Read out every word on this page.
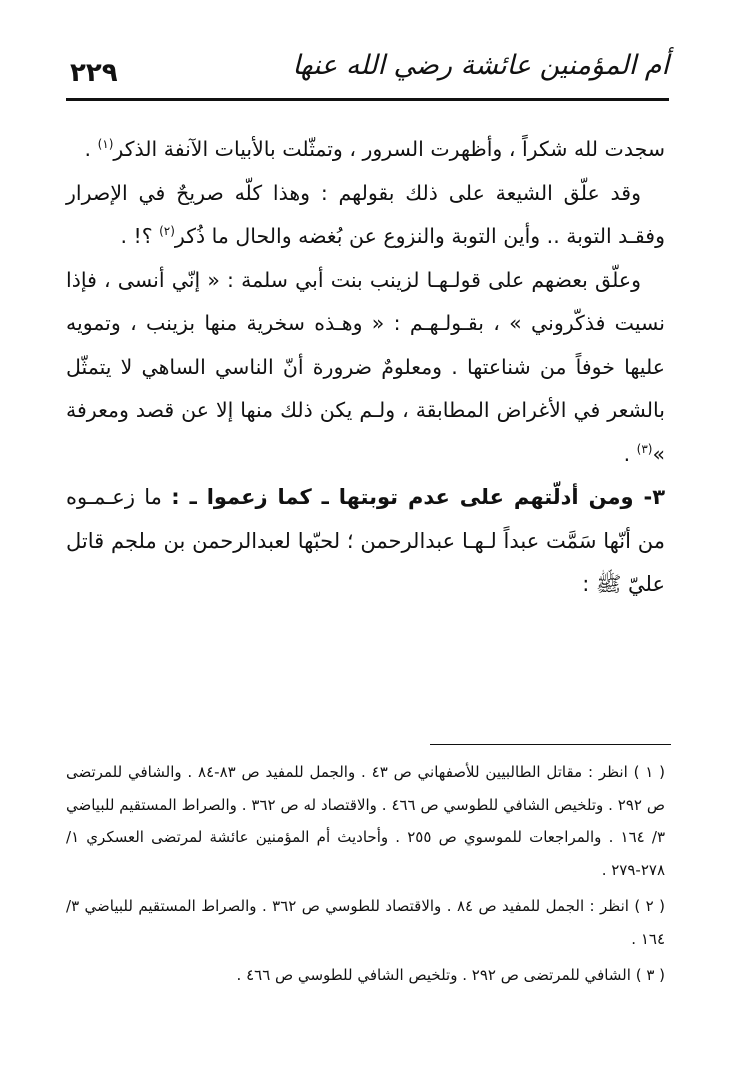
أم المؤمنين عائشة رضي الله عنها
٢٢٩

سجدت لله شكراً ، وأظهرت السرور ، وتمثّلت بالأبيات الآنفة الذكر$^{(١)}$ .

وقد علّق الشيعة على ذلك بقولهم : وهذا كلّه صريحٌ في الإصرار وفقـد التوبة .. وأين التوبة والنزوع عن بُغضه والحال ما ذُكر$^{(٢)}$ ؟! .

وعلّق بعضهم على قولـهـا لزينب بنت أبي سلمة : « إنّي أنسى ، فإذا نسيت فذكّروني » ، بقـولـهـم : « وهـذه سخرية منها بزينب ، وتمويه عليها خوفاً من شناعتها . ومعلومٌ ضرورة أنّ الناسي الساهي لا يتمثّل بالشعر في الأغراض المطابقة ، ولـم يكن ذلك منها إلا عن قصد ومعرفة »$^{(٣)}$ .

٣- ومن أدلّتهم على عدم توبتها ـ كما زعموا ـ : ما زعـمـوه من أنّها سَمَّت عبداً لـهـا عبدالرحمن ؛ لحبّها لعبدالرحمن بن ملجم قاتل عليّ ﷺ :

( ١ ) انظر : مقاتل الطالبيين للأصفهاني ص ٤٣ . والجمل للمفيد ص ٨٣-٨٤ . والشافي للمرتضى ص ٢٩٢ . وتلخيص الشافي للطوسي ص ٤٦٦ . والاقتصاد له ص ٣٦٢ . والصراط المستقيم للبياضي ٣/ ١٦٤ . والمراجعات للموسوي ص ٢٥٥ . وأحاديث أم المؤمنين عائشة لمرتضى العسكري ١/ ٢٧٨-٢٧٩ .

( ٢ ) انظر : الجمل للمفيد ص ٨٤ . والاقتصاد للطوسي ص ٣٦٢ . والصراط المستقيم للبياضي ٣/ ١٦٤ .

( ٣ ) الشافي للمرتضى ص ٢٩٢ . وتلخيص الشافي للطوسي ص ٤٦٦ .
